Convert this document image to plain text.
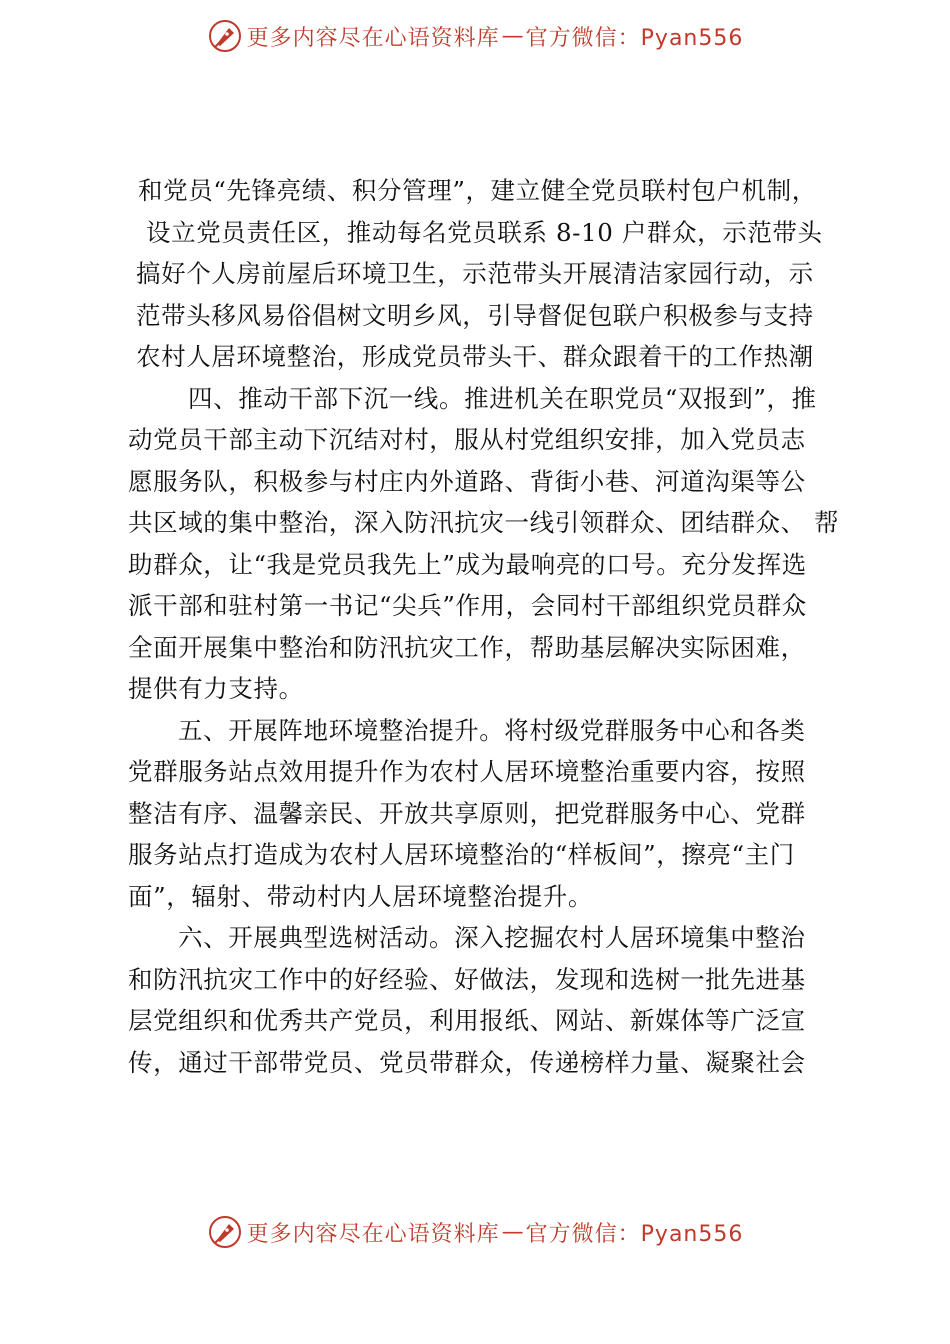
更多内容尽在心语资料库 — 官方微信：Pyan556
和党员“先锋亮绩、积分管理”，建立健全党员联村包户机制，
设立党员责任区，推动每名党员联系 8-10 户群众，示范带头
搞好个人房前屋后环境卫生，示范带头开展清洁家园行动，示
范带头移风易俗倡树文明乡风，引导督促包联户积极参与支持
农村人居环境整治，形成党员带头干、群众跟着干的工作热潮
四、推动干部下沉一线。推进机关在职党员“双报到”，推
动党员干部主动下沉结对村，服从村党组织安排，加入党员志
愿服务队，积极参与村庄内外道路、背街小巷、河道沟渠等公
共区域的集中整治，深入防汛抗灾一线引领群众、团结群众、 帮
助群众，让“我是党员我先上”成为最响亮的口号。充分发挥选
派干部和驻村第一书记“尖兵”作用，会同村干部组织党员群众
全面开展集中整治和防汛抗灾工作，帮助基层解决实际困难，
提供有力支持。
五、开展阵地环境整治提升。将村级党群服务中心和各类
党群服务站点效用提升作为农村人居环境整治重要内容，按照
整洁有序、温馨亲民、开放共享原则，把党群服务中心、党群
服务站点打造成为农村人居环境整治的“样板间”，擦亮“主门
面”，辐射、带动村内人居环境整治提升。
六、开展典型选树活动。深入挖掘农村人居环境集中整治
和防汛抗灾工作中的好经验、好做法，发现和选树一批先进基
层党组织和优秀共产党员，利用报纸、网站、新媒体等广泛宣
传，通过干部带党员、党员带群众，传递榜样力量、凝聚社会
更多内容尽在心语资料库 — 官方微信：Pyan556
